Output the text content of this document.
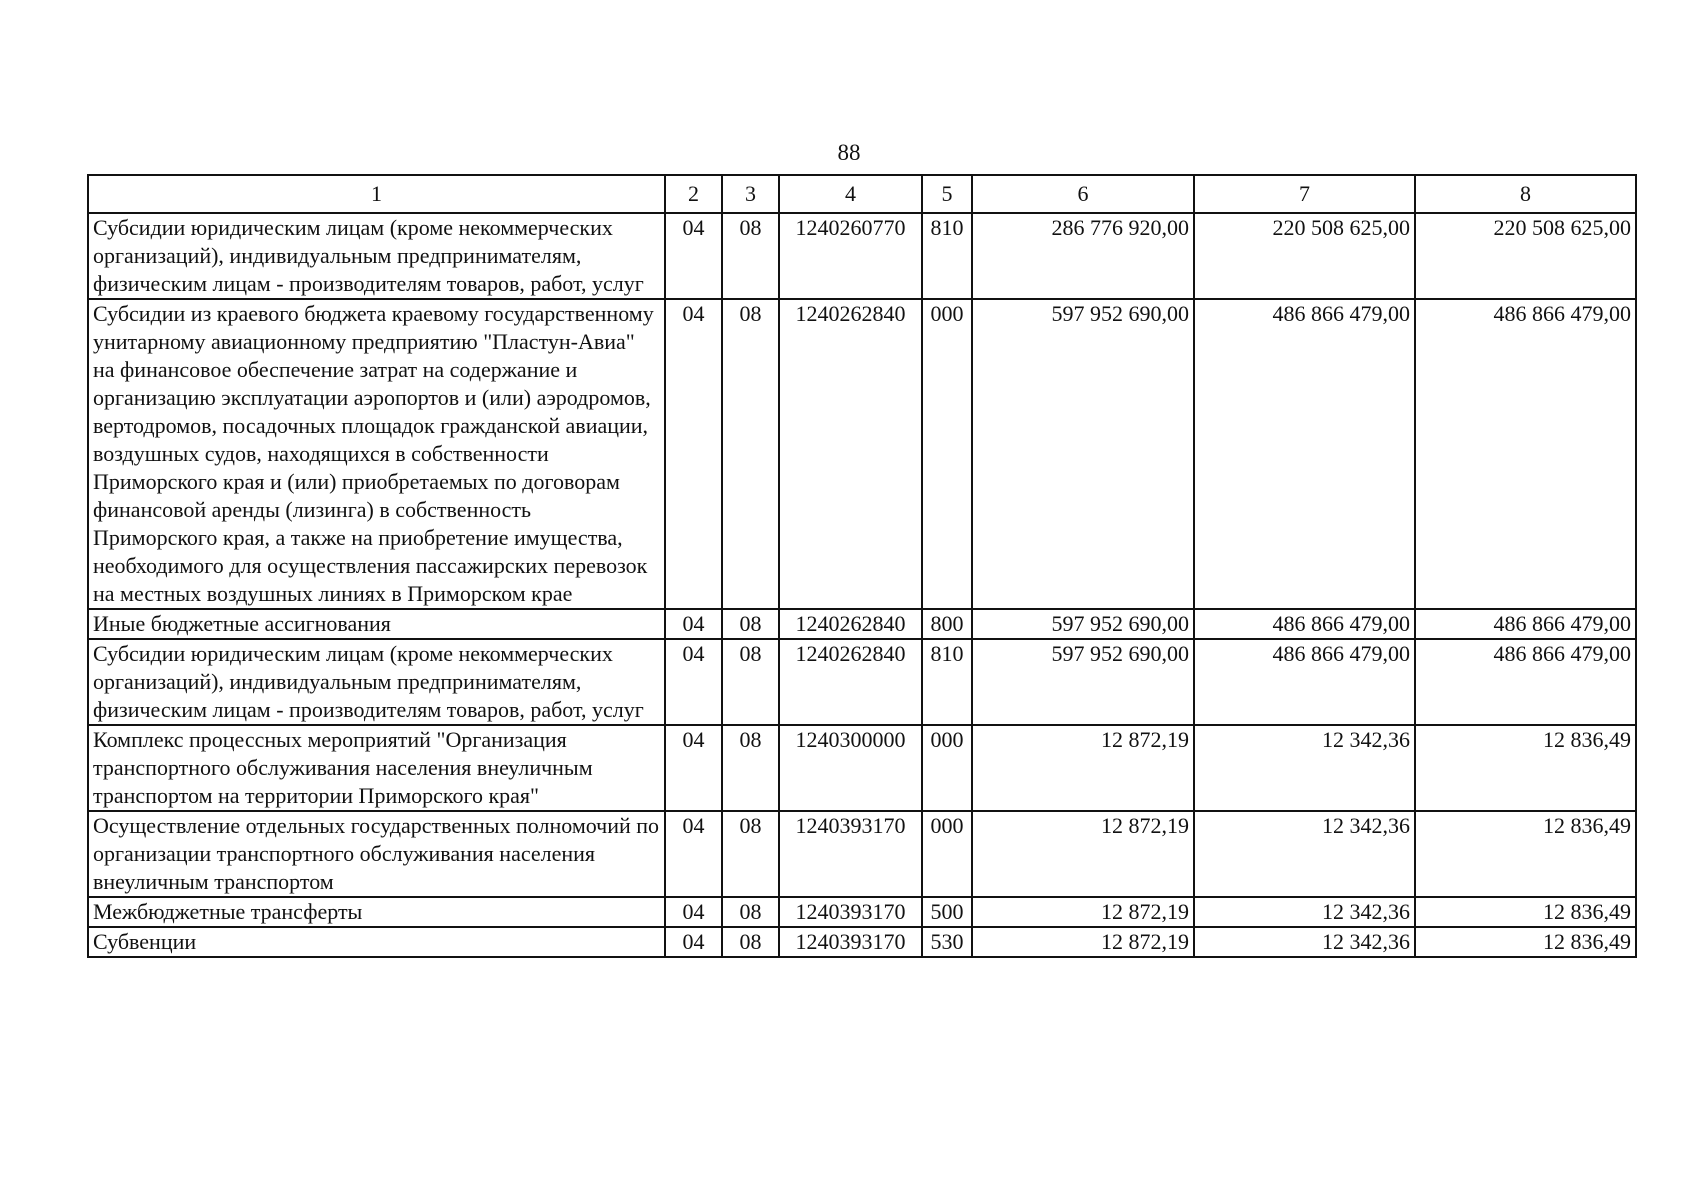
88
1	2	3	4	5	6	7	8
Субсидии юридическим лицам (кроме некоммерческих организаций), индивидуальным предпринимателям, физическим лицам - производителям товаров, работ, услуг	04	08	1240260770	810	286 776 920,00	220 508 625,00	220 508 625,00
Субсидии из краевого бюджета краевому государственному унитарному авиационному предприятию "Пластун-Авиа" на финансовое обеспечение затрат на содержание и организацию эксплуатации аэропортов и (или) аэродромов, вертодромов, посадочных площадок гражданской авиации, воздушных судов, находящихся в собственности Приморского края и (или) приобретаемых по договорам финансовой аренды (лизинга) в собственность Приморского края, а также на приобретение имущества, необходимого для осуществления пассажирских перевозок на местных воздушных линиях в Приморском крае	04	08	1240262840	000	597 952 690,00	486 866 479,00	486 866 479,00
Иные бюджетные ассигнования	04	08	1240262840	800	597 952 690,00	486 866 479,00	486 866 479,00
Субсидии юридическим лицам (кроме некоммерческих организаций), индивидуальным предпринимателям, физическим лицам - производителям товаров, работ, услуг	04	08	1240262840	810	597 952 690,00	486 866 479,00	486 866 479,00
Комплекс процессных мероприятий "Организация транспортного обслуживания населения внеуличным транспортом на территории Приморского края"	04	08	1240300000	000	12 872,19	12 342,36	12 836,49
Осуществление отдельных государственных полномочий по организации транспортного обслуживания населения внеуличным транспортом	04	08	1240393170	000	12 872,19	12 342,36	12 836,49
Межбюджетные трансферты	04	08	1240393170	500	12 872,19	12 342,36	12 836,49
Субвенции	04	08	1240393170	530	12 872,19	12 342,36	12 836,49
